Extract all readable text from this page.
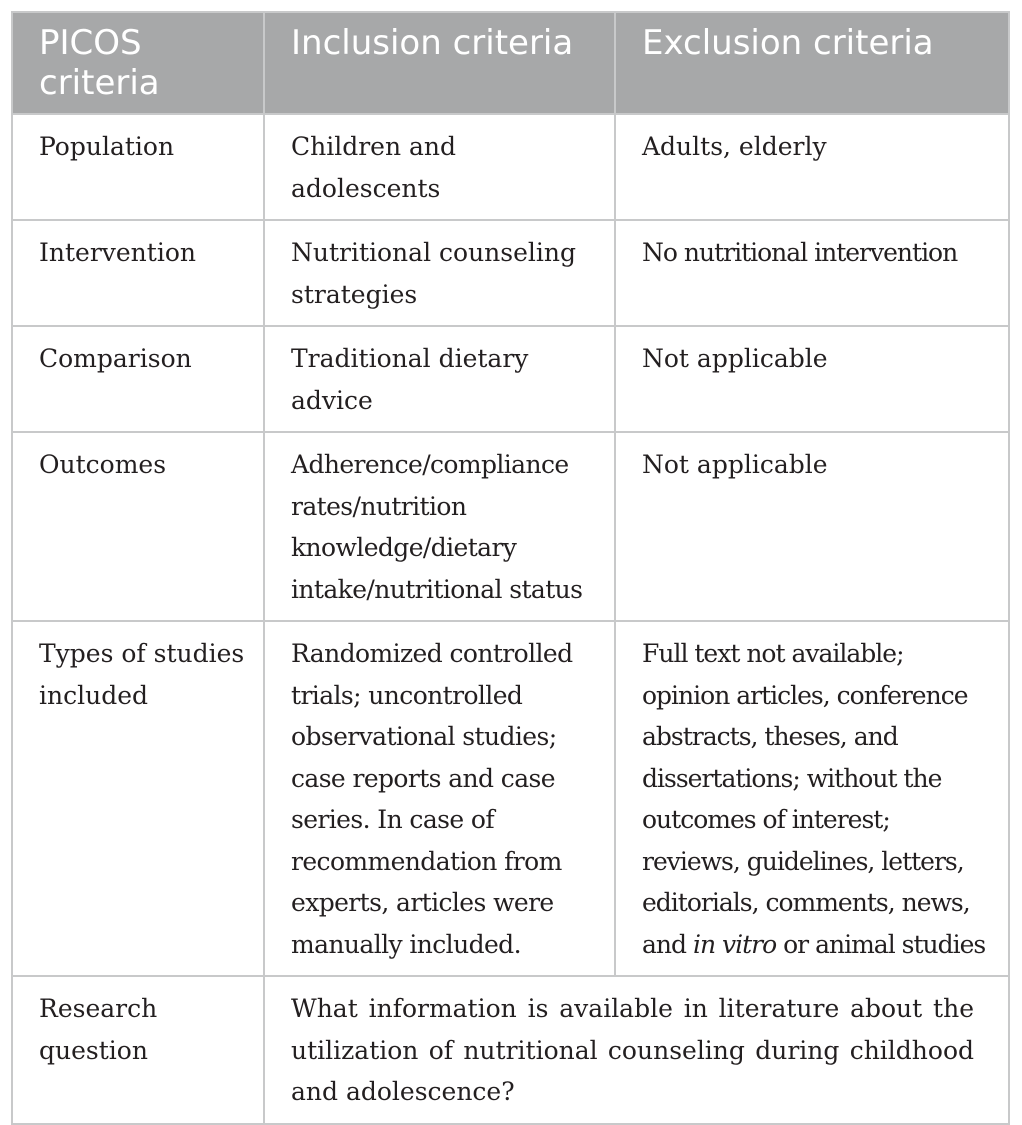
PICOS criteria	Inclusion criteria	Exclusion criteria
Population	Children and adolescents	Adults, elderly
Intervention	Nutritional counseling strategies	No nutritional intervention
Comparison	Traditional dietary advice	Not applicable
Outcomes	Adherence/compliance rates/nutrition knowledge/dietary intake/nutritional status	Not applicable
Types of studies included	Randomized controlled trials; uncontrolled observational studies; case reports and case series. In case of recommendation from experts, articles were manually included.	Full text not available; opinion articles, conference abstracts, theses, and dissertations; without the outcomes of interest; reviews, guidelines, letters, editorials, comments, news, and in vitro or animal studies
Research question	What information is available in literature about the utilization of nutritional counseling during childhood and adolescence?	
